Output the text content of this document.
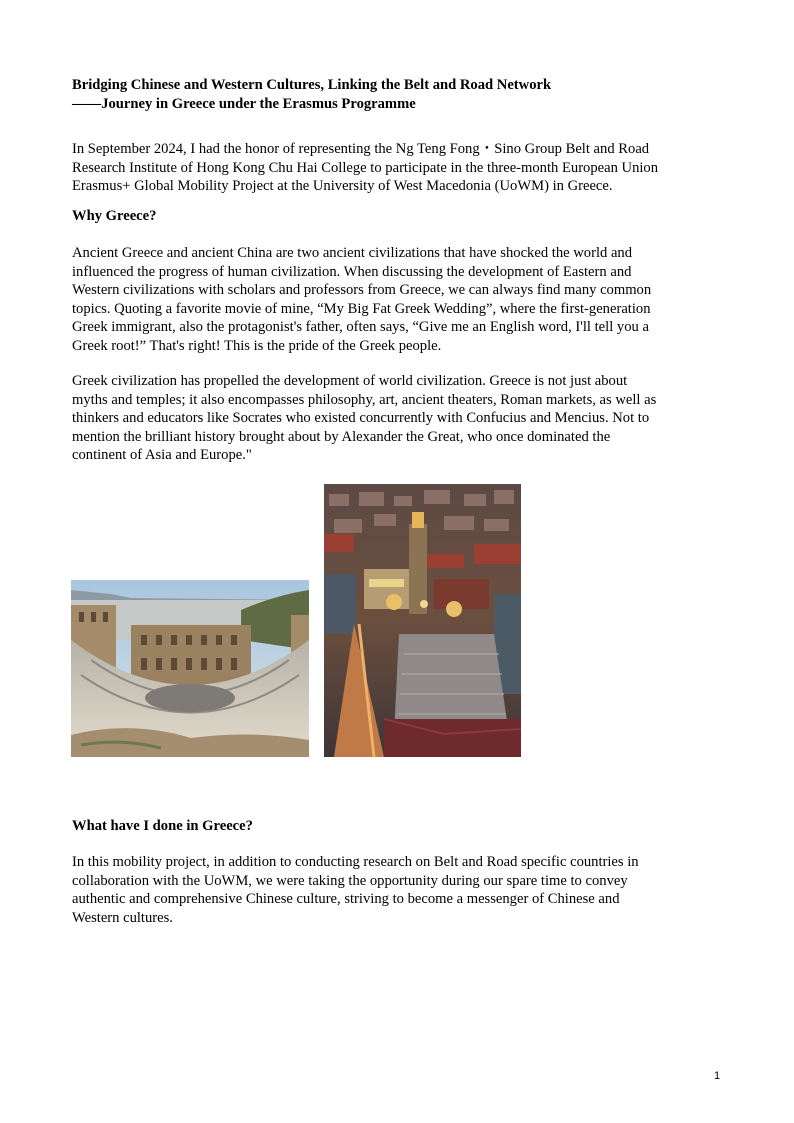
Bridging Chinese and Western Cultures, Linking the Belt and Road Network
——Journey in Greece under the Erasmus Programme
In September 2024, I had the honor of representing the Ng Teng Fong・Sino Group Belt and Road
Research Institute of Hong Kong Chu Hai College to participate in the three-month European Union
Erasmus+ Global Mobility Project at the University of West Macedonia (UoWM) in Greece.
Why Greece?
Ancient Greece and ancient China are two ancient civilizations that have shocked the world and
influenced the progress of human civilization. When discussing the development of Eastern and
Western civilizations with scholars and professors from Greece, we can always find many common
topics. Quoting a favorite movie of mine, “My Big Fat Greek Wedding”, where the first-generation
Greek immigrant, also the protagonist's father, often says, “Give me an English word, I'll tell you a
Greek root!” That's right! This is the pride of the Greek people.
Greek civilization has propelled the development of world civilization. Greece is not just about
myths and temples; it also encompasses philosophy, art, ancient theaters, Roman markets, as well as
thinkers and educators like Socrates who existed concurrently with Confucius and Mencius. Not to
mention the brilliant history brought about by Alexander the Great, who once dominated the
continent of Asia and Europe."
What have I done in Greece?
In this mobility project, in addition to conducting research on Belt and Road specific countries in
collaboration with the UoWM, we were taking the opportunity during our spare time to convey
authentic and comprehensive Chinese culture, striving to become a messenger of Chinese and
Western cultures.
1
